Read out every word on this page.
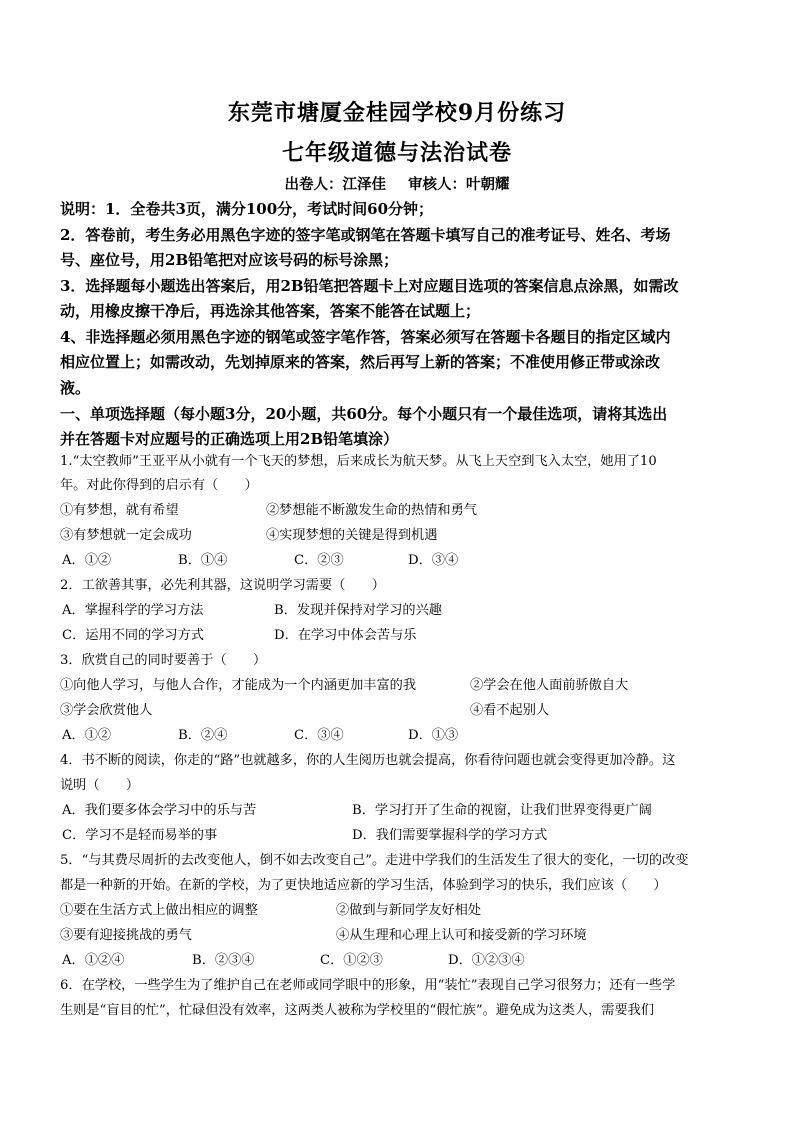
东莞市塘厦金桂园学校9月份练习
七年级道德与法治试卷
出卷人：江泽佳 审核人：叶朝耀
说明：1．全卷共3页，满分100分，考试时间60分钟；
2．答卷前，考生务必用黑色字迹的签字笔或钢笔在答题卡填写自己的准考证号、姓名、考场
号、座位号，用2B铅笔把对应该号码的标号涂黑；
3．选择题每小题选出答案后，用2B铅笔把答题卡上对应题目选项的答案信息点涂黑，如需改
动，用橡皮擦干净后，再选涂其他答案，答案不能答在试题上；
4、非选择题必须用黑色字迹的钢笔或签字笔作答，答案必须写在答题卡各题目的指定区域内
相应位置上；如需改动，先划掉原来的答案，然后再写上新的答案；不准使用修正带或涂改
液。
一、单项选择题（每小题3分，20小题，共60分。每个小题只有一个最佳选项，请将其选出
并在答题卡对应题号的正确选项上用2B铅笔填涂）
1.“太空教师”王亚平从小就有一个飞天的梦想，后来成长为航天梦。从飞上天空到飞入太空，她用了10
年。对此你得到的启示有（　　）
①有梦想，就有希望	②梦想能不断激发生命的热情和勇气
③有梦想就一定会成功	④实现梦想的关键是得到机遇
A．①②	B．①④	C．②③	D．③④
2．工欲善其事，必先利其器，这说明学习需要（　　）
A．掌握科学的学习方法	B．发现并保持对学习的兴趣
C．运用不同的学习方式	D．在学习中体会苦与乐
3．欣赏自己的同时要善于（　　）
①向他人学习，与他人合作，才能成为一个内涵更加丰富的我	②学会在他人面前骄傲自大
③学会欣赏他人	④看不起别人
A．①②	B．②④	C．③④	D．①③
4．书不断的阅读，你走的“路”也就越多，你的人生阅历也就会提高，你看待问题也就会变得更加冷静。这
说明（　　）
A．我们要多体会学习中的乐与苦	B．学习打开了生命的视窗，让我们世界变得更广阔
C．学习不是轻而易举的事	D．我们需要掌握科学的学习方式
5．“与其费尽周折的去改变他人，倒不如去改变自己”。走进中学我们的生活发生了很大的变化，一切的改变
都是一种新的开始。在新的学校，为了更快地适应新的学习生活，体验到学习的快乐，我们应该（　　）
①要在生活方式上做出相应的调整	②做到与新同学友好相处
③要有迎接挑战的勇气	④从生理和心理上认可和接受新的学习环境
A．①②④	B．②③④	C．①②③	D．①②③④
6．在学校，一些学生为了维护自己在老师或同学眼中的形象，用“装忙”表现自己学习很努力；还有一些学
生则是“盲目的忙”，忙碌但没有效率，这两类人被称为学校里的“假忙族”。避免成为这类人，需要我们
